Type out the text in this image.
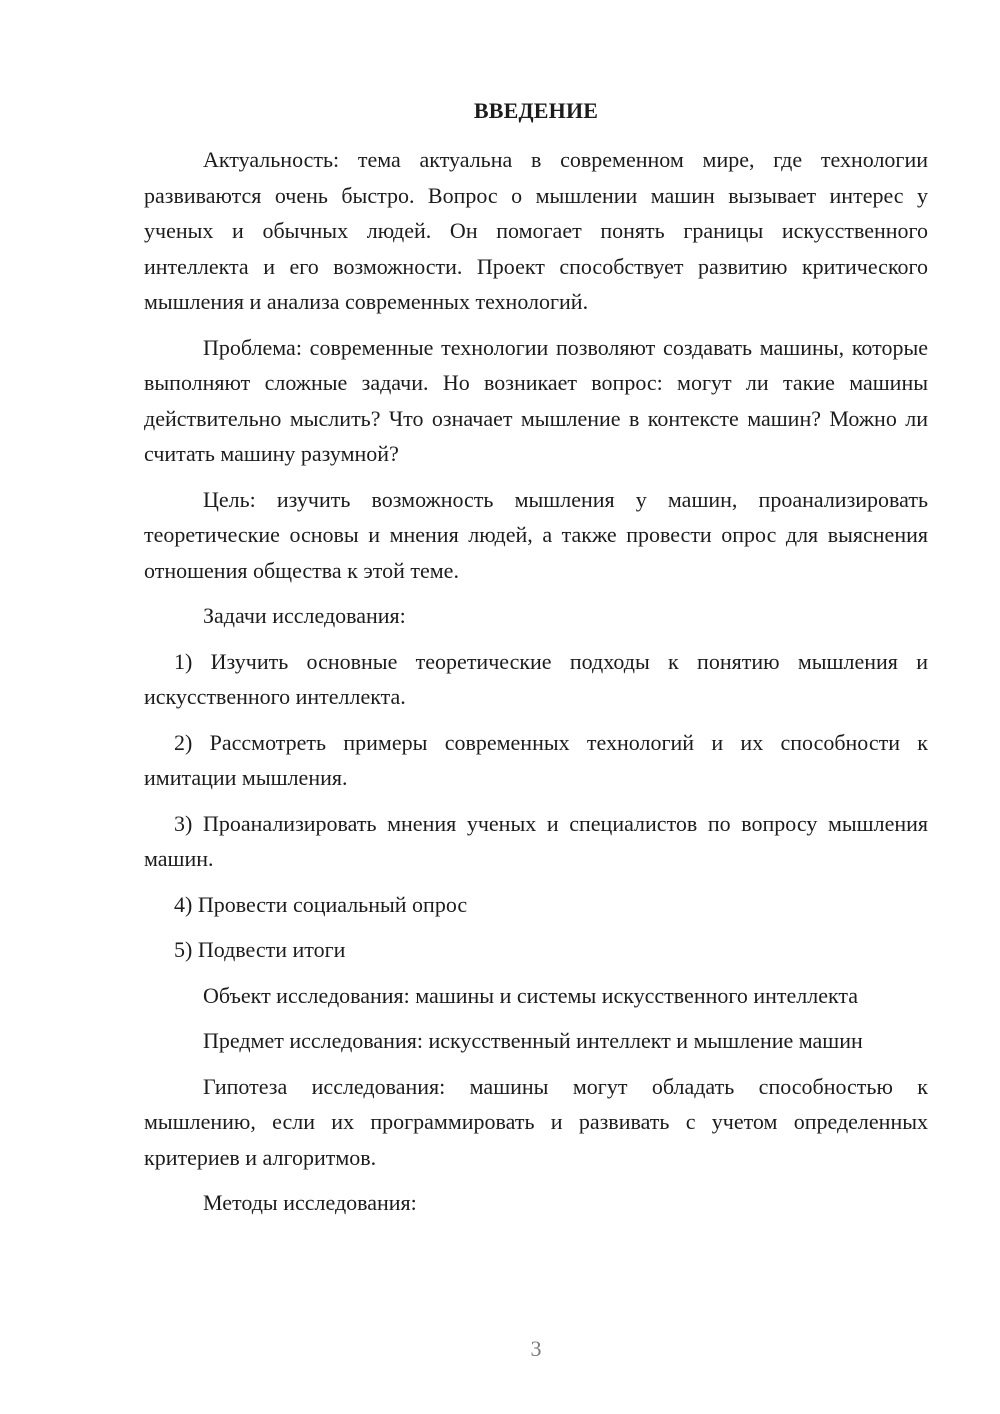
ВВЕДЕНИЕ

Актуальность: тема актуальна в современном мире, где технологии развиваются очень быстро. Вопрос о мышлении машин вызывает интерес у ученых и обычных людей. Он помогает понять границы искусственного интеллекта и его возможности. Проект способствует развитию критического мышления и анализа современных технологий.

Проблема: современные технологии позволяют создавать машины, которые выполняют сложные задачи. Но возникает вопрос: могут ли такие машины действительно мыслить? Что означает мышление в контексте машин? Можно ли считать машину разумной?

Цель: изучить возможность мышления у машин, проанализировать теоретические основы и мнения людей, а также провести опрос для выяснения отношения общества к этой теме.

Задачи исследования:

1) Изучить основные теоретические подходы к понятию мышления и искусственного интеллекта.

2) Рассмотреть примеры современных технологий и их способности к имитации мышления.

3) Проанализировать мнения ученых и специалистов по вопросу мышления машин.

4) Провести социальный опрос

5) Подвести итоги

Объект исследования: машины и системы искусственного интеллекта

Предмет исследования: искусственный интеллект и мышление машин

Гипотеза исследования: машины могут обладать способностью к мышлению, если их программировать и развивать с учетом определенных критериев и алгоритмов.

Методы исследования:

3
